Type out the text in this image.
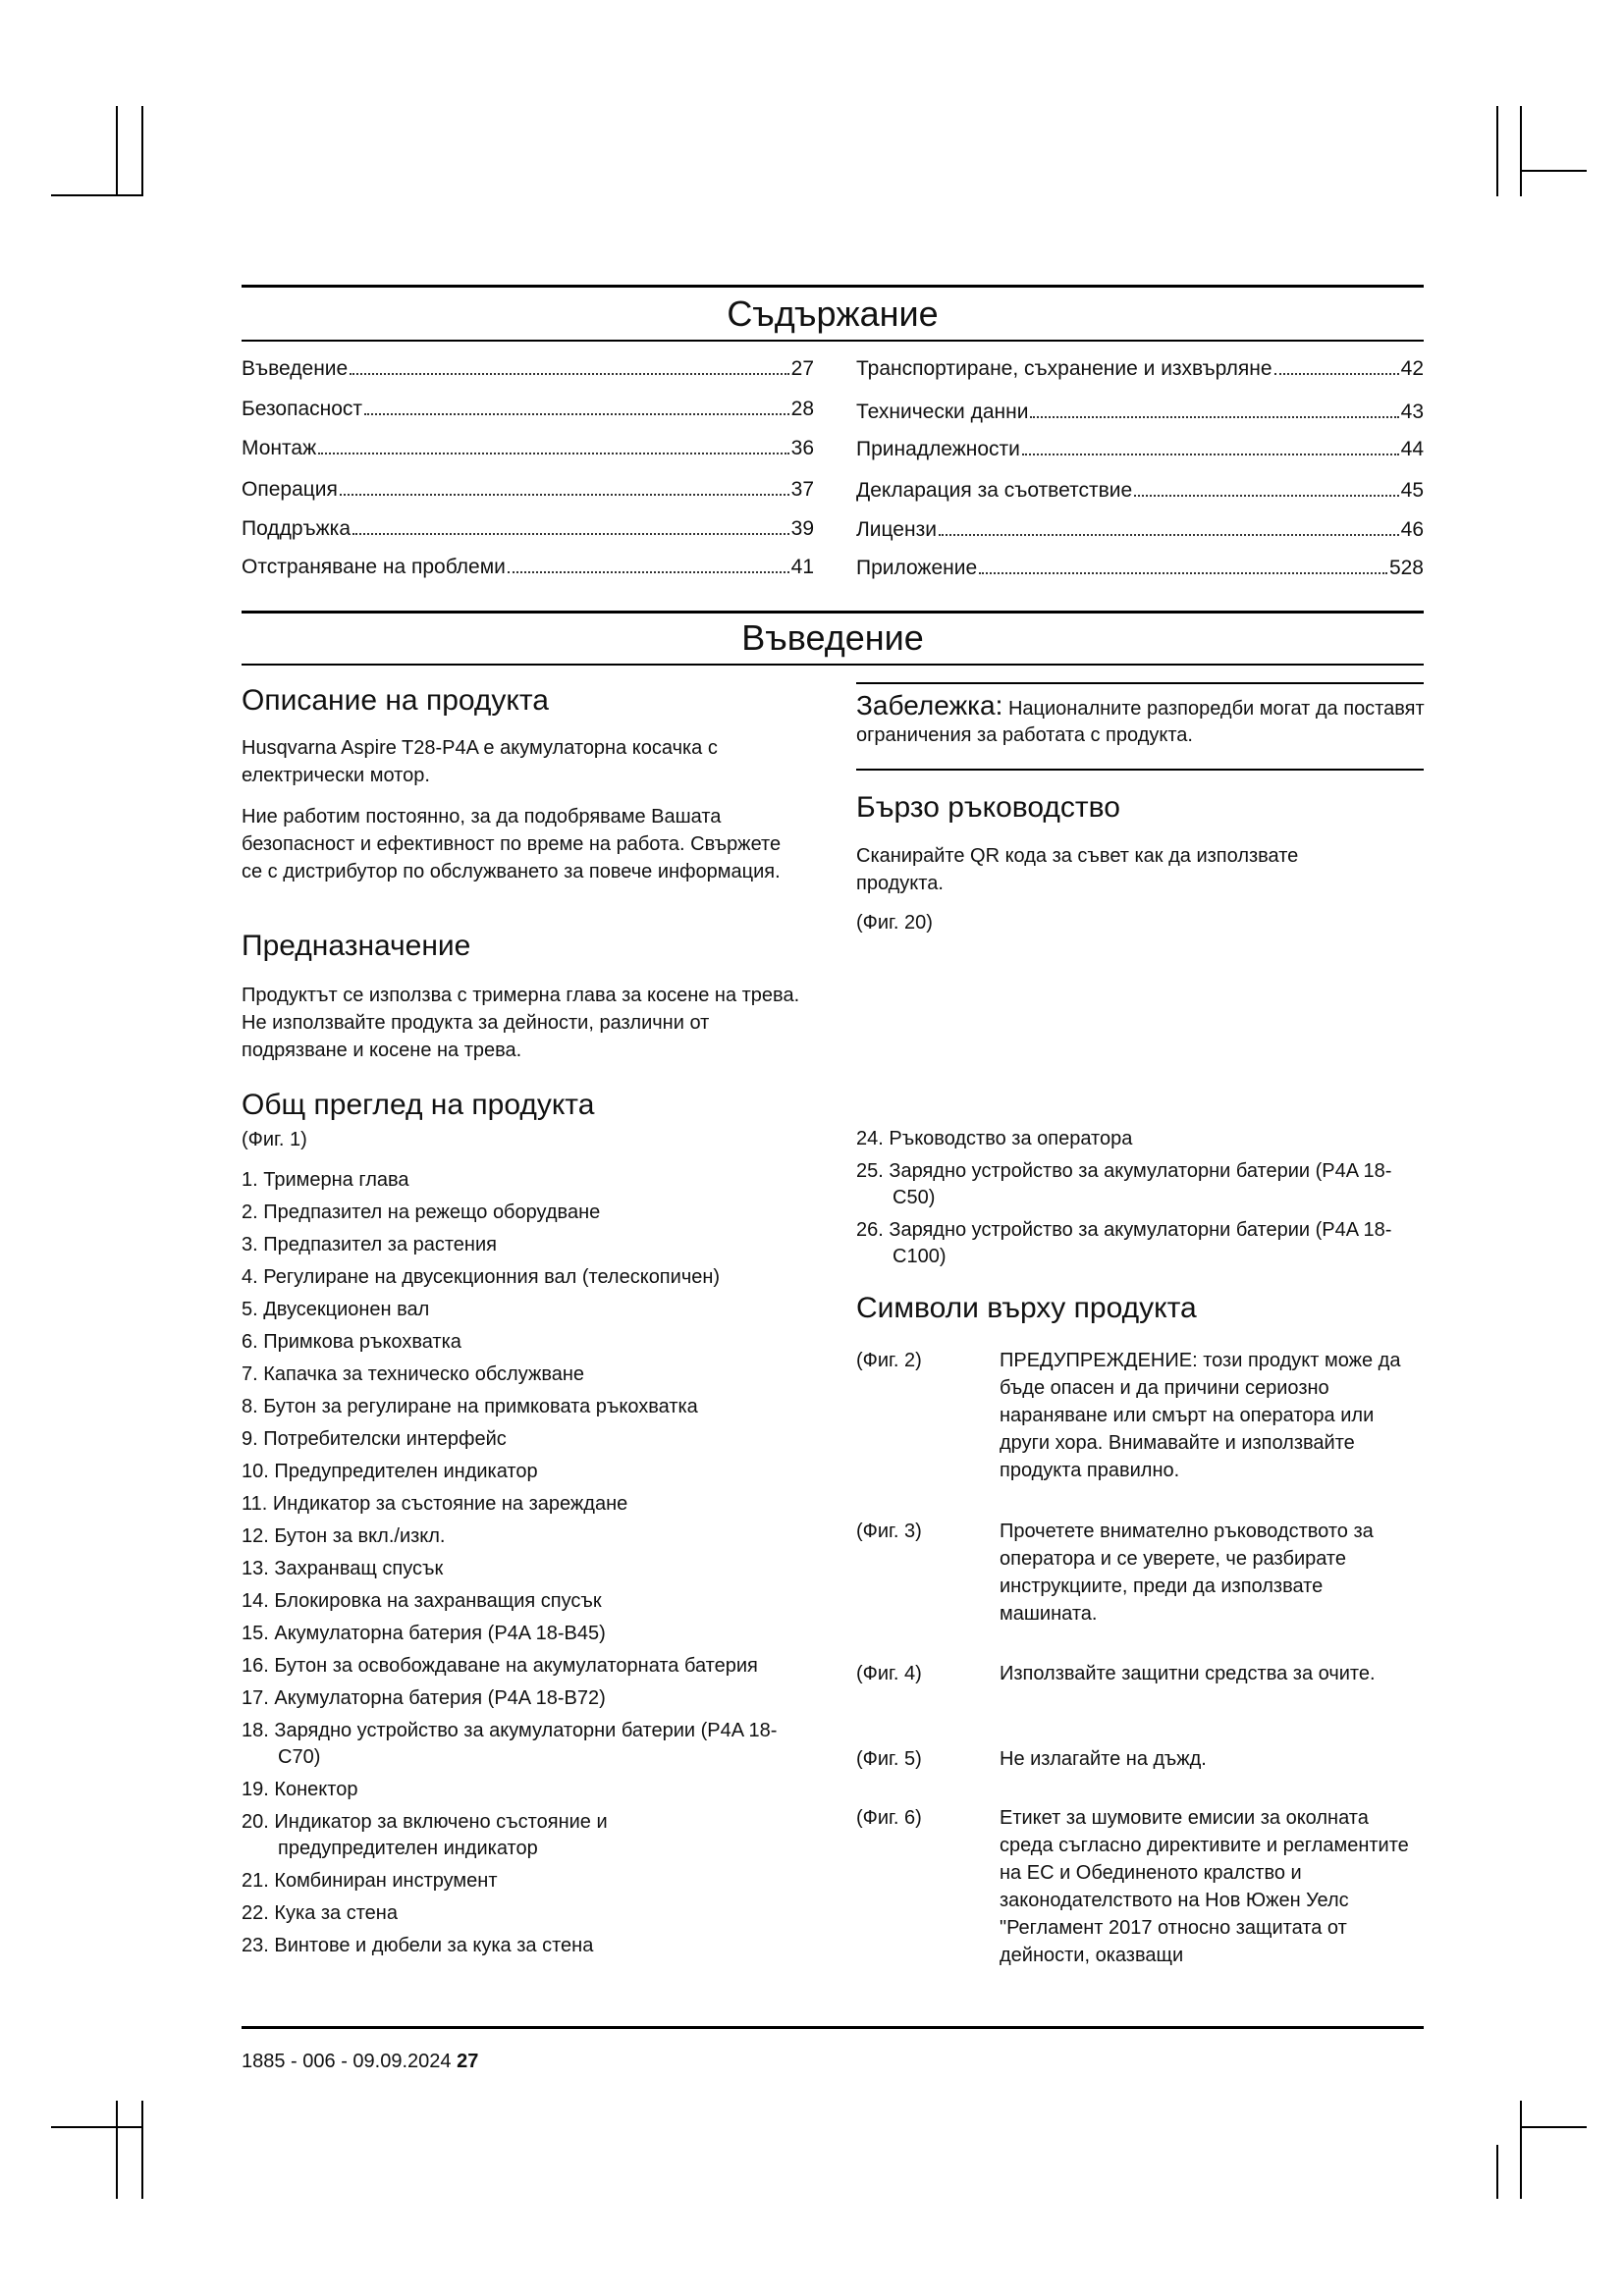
Съдържание
Въведение	27
Безопасност	28
Монтаж	36
Операция	37
Поддръжка	39
Отстраняване на проблеми	41
Транспортиране, съхранение и изхвърляне	42
Технически данни	43
Принадлежности	44
Декларация за съответствие	45
Лицензи	46
Приложение	528
Въведение
Описание на продукта
Husqvarna Aspire T28-P4A е акумулаторна косачка с електрически мотор.
Ние работим постоянно, за да подобряваме Вашата безопасност и ефективност по време на работа. Свържете се с дистрибутор по обслужването за повече информация.
Предназначение
Продуктът се използва с тримерна глава за косене на трева. Не използвайте продукта за дейности, различни от подрязване и косене на трева.
Общ преглед на продукта
(Фиг. 1)
1. Тримерна глава
2. Предпазител на режещо оборудване
3. Предпазител за растения
4. Регулиране на двусекционния вал (телескопичен)
5. Двусекционен вал
6. Примкова ръкохватка
7. Капачка за техническо обслужване
8. Бутон за регулиране на примковата ръкохватка
9. Потребителски интерфейс
10. Предупредителен индикатор
11. Индикатор за състояние на зареждане
12. Бутон за вкл./изкл.
13. Захранващ спусък
14. Блокировка на захранващия спусък
15. Акумулаторна батерия (P4A 18-B45)
16. Бутон за освобождаване на акумулаторната батерия
17. Акумулаторна батерия (P4A 18-B72)
18. Зарядно устройство за акумулаторни батерии (P4A 18-C70)
19. Конектор
20. Индикатор за включено състояние и предупредителен индикатор
21. Комбиниран инструмент
22. Кука за стена
23. Винтове и дюбели за кука за стена
Забележка: Националните разпоредби могат да поставят ограничения за работата с продукта.
Бързо ръководство
Сканирайте QR кода за съвет как да използвате продукта.
(Фиг. 20)
24. Ръководство за оператора
25. Зарядно устройство за акумулаторни батерии (P4A 18-C50)
26. Зарядно устройство за акумулаторни батерии (P4A 18-C100)
Символи върху продукта
(Фиг. 2)	ПРЕДУПРЕЖДЕНИЕ: този продукт може да бъде опасен и да причини сериозно нараняване или смърт на оператора или други хора. Внимавайте и използвайте продукта правилно.
(Фиг. 3)	Прочетете внимателно ръководството за оператора и се уверете, че разбирате инструкциите, преди да използвате машината.
(Фиг. 4)	Използвайте защитни средства за очите.
(Фиг. 5)	Не излагайте на дъжд.
(Фиг. 6)	Етикет за шумовите емисии за околната среда съгласно директивите и регламентите на ЕС и Обединеното кралство и законодателството на Нов Южен Уелс "Регламент 2017 относно защитата от дейности, оказващи
1885 - 006 - 09.09.2024 27
